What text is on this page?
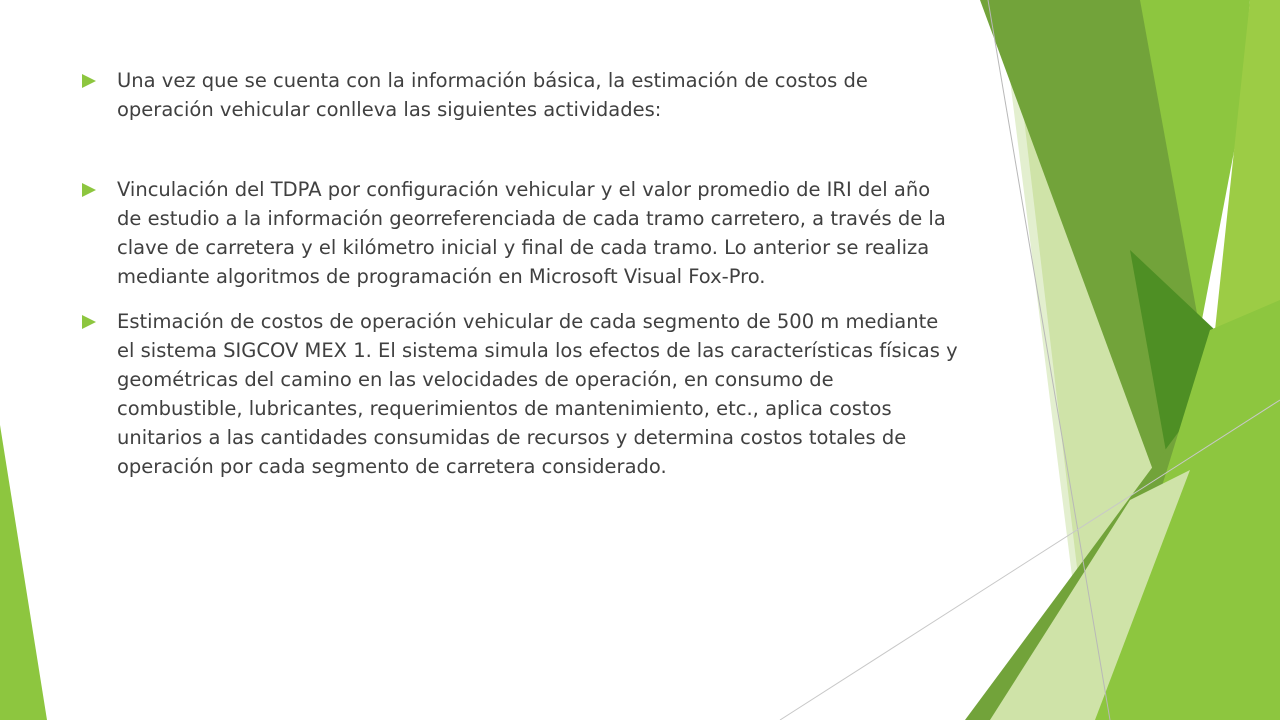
Una vez que se cuenta con la información básica, la estimación de costos de operación vehicular conlleva las siguientes actividades:
Vinculación del TDPA por configuración vehicular y el valor promedio de IRI del año de estudio a la información georreferenciada de cada tramo carretero, a través de la clave de carretera y el kilómetro inicial y final de cada tramo. Lo anterior se realiza mediante algoritmos de programación en Microsoft Visual Fox-Pro.
Estimación de costos de operación vehicular de cada segmento de 500 m mediante el sistema SIGCOV MEX 1. El sistema simula los efectos de las características físicas y geométricas del camino en las velocidades de operación, en consumo de combustible, lubricantes, requerimientos de mantenimiento, etc., aplica costos unitarios a las cantidades consumidas de recursos y determina costos totales de operación por cada segmento de carretera considerado.
